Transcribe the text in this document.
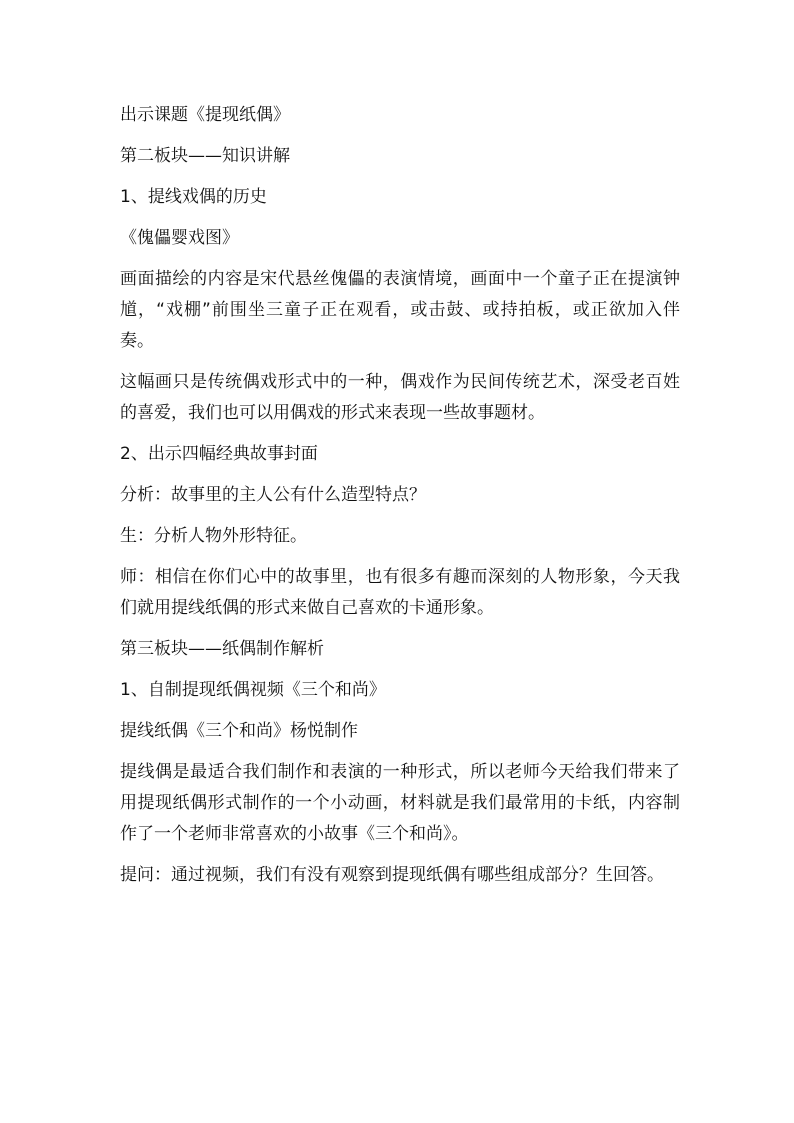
出示课题《提现纸偶》

第二板块——知识讲解

1、提线戏偶的历史

《傀儡婴戏图》

画面描绘的内容是宋代悬丝傀儡的表演情境，画面中一个童子正在提演钟馗，“戏棚”前围坐三童子正在观看，或击鼓、或持拍板，或正欲加入伴奏。

这幅画只是传统偶戏形式中的一种，偶戏作为民间传统艺术，深受老百姓的喜爱，我们也可以用偶戏的形式来表现一些故事题材。

2、出示四幅经典故事封面

分析：故事里的主人公有什么造型特点？

生：分析人物外形特征。

师：相信在你们心中的故事里，也有很多有趣而深刻的人物形象，今天我们就用提线纸偶的形式来做自己喜欢的卡通形象。

第三板块——纸偶制作解析

1、自制提现纸偶视频《三个和尚》

提线纸偶《三个和尚》杨悦制作

提线偶是最适合我们制作和表演的一种形式，所以老师今天给我们带来了用提现纸偶形式制作的一个小动画，材料就是我们最常用的卡纸，内容制作了一个老师非常喜欢的小故事《三个和尚》。

提问：通过视频，我们有没有观察到提现纸偶有哪些组成部分？生回答。
